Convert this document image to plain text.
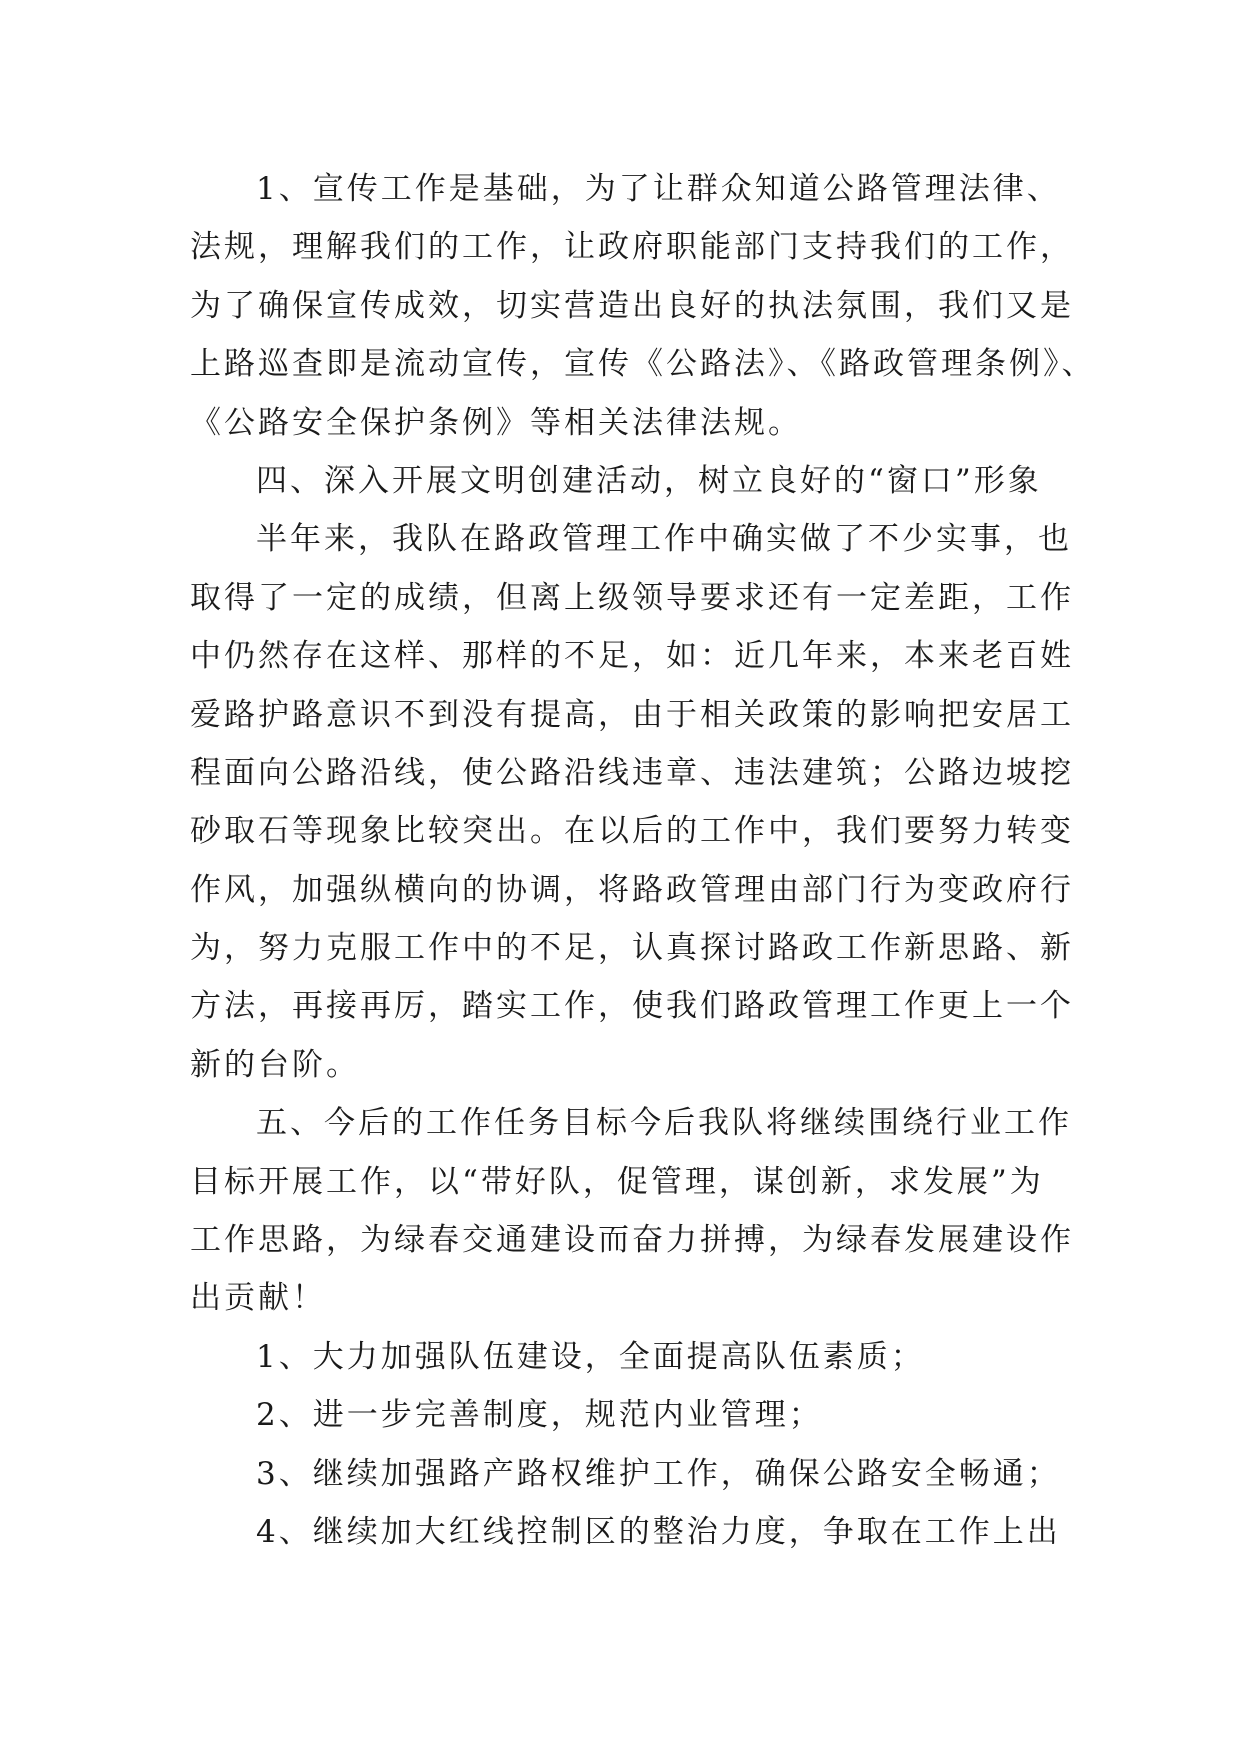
1、宣传工作是基础，为了让群众知道公路管理法律、
法规，理解我们的工作，让政府职能部门支持我们的工作，
为了确保宣传成效，切实营造出良好的执法氛围，我们又是
上路巡查即是流动宣传，宣传《公路法》、《路政管理条例》、
《公路安全保护条例》等相关法律法规。
四、深入开展文明创建活动，树立良好的“窗口”形象
半年来，我队在路政管理工作中确实做了不少实事，也
取得了一定的成绩，但离上级领导要求还有一定差距，工作
中仍然存在这样、那样的不足，如：近几年来，本来老百姓
爱路护路意识不到没有提高，由于相关政策的影响把安居工
程面向公路沿线，使公路沿线违章、违法建筑；公路边坡挖
砂取石等现象比较突出。在以后的工作中，我们要努力转变
作风，加强纵横向的协调，将路政管理由部门行为变政府行
为，努力克服工作中的不足，认真探讨路政工作新思路、新
方法，再接再厉，踏实工作，使我们路政管理工作更上一个
新的台阶。
五、今后的工作任务目标今后我队将继续围绕行业工作
目标开展工作，以“带好队，促管理，谋创新，求发展”为
工作思路，为绿春交通建设而奋力拼搏，为绿春发展建设作
出贡献！
1、大力加强队伍建设，全面提高队伍素质；
2、进一步完善制度，规范内业管理；
3、继续加强路产路权维护工作，确保公路安全畅通；
4、继续加大红线控制区的整治力度，争取在工作上出
